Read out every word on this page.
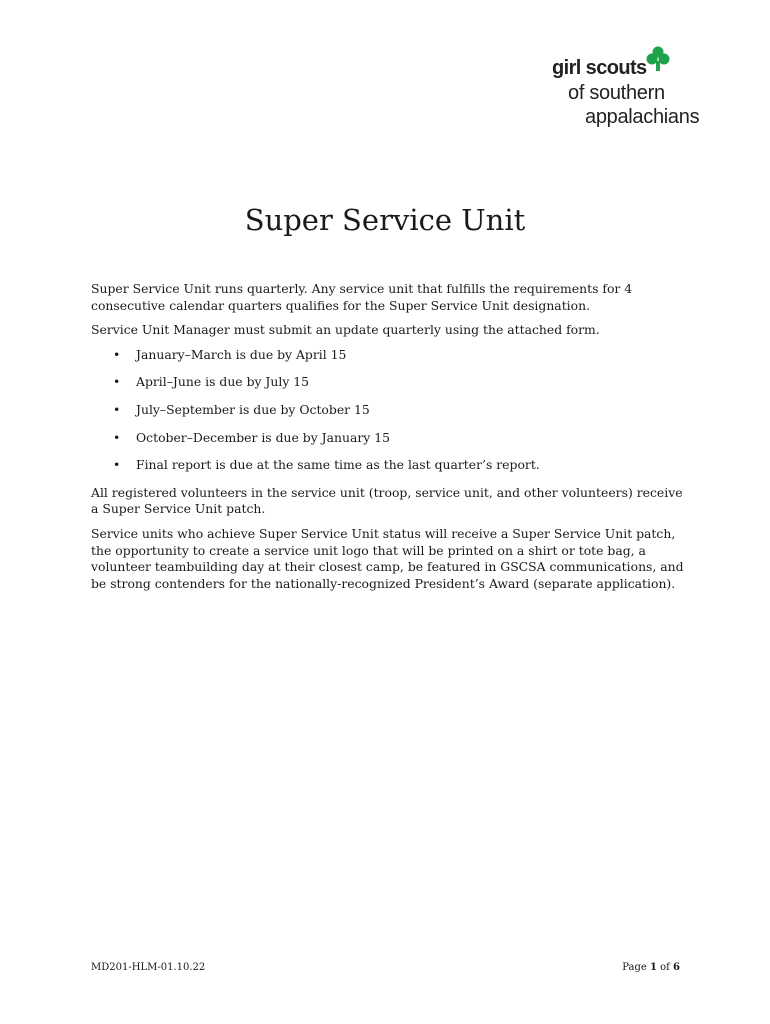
girl scouts
of southern
appalachians
Super Service Unit

Super Service Unit runs quarterly. Any service unit that fulfills the requirements for 4 consecutive calendar quarters qualifies for the Super Service Unit designation.

Service Unit Manager must submit an update quarterly using the attached form.

• January–March is due by April 15
• April–June is due by July 15
• July–September is due by October 15
• October–December is due by January 15
• Final report is due at the same time as the last quarter’s report.

All registered volunteers in the service unit (troop, service unit, and other volunteers) receive a Super Service Unit patch.

Service units who achieve Super Service Unit status will receive a Super Service Unit patch, the opportunity to create a service unit logo that will be printed on a shirt or tote bag, a volunteer teambuilding day at their closest camp, be featured in GSCSA communications, and be strong contenders for the nationally-recognized President’s Award (separate application).

MD201-HLM-01.10.22	Page 1 of 6
